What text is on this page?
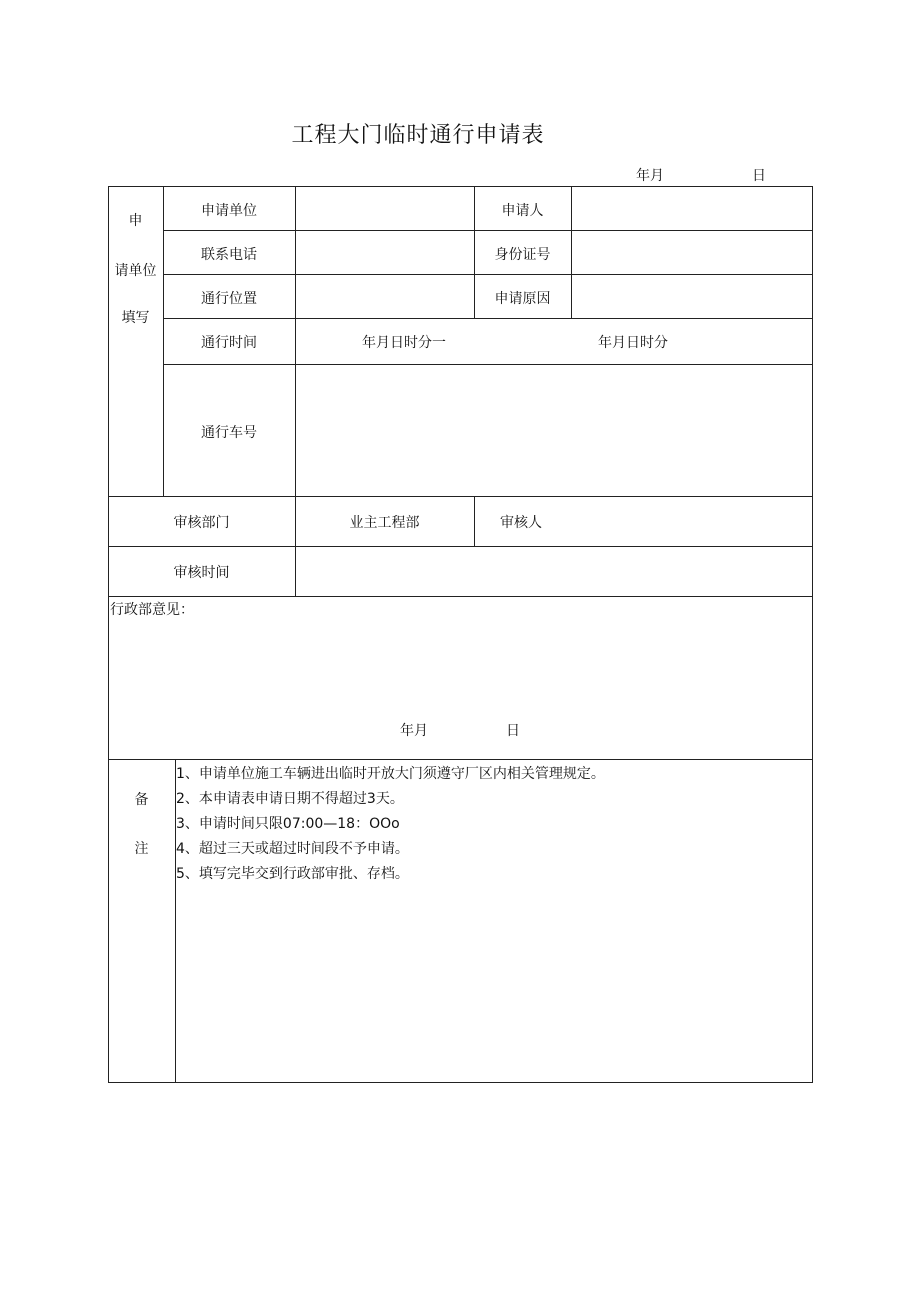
工程大门临时通行申请表
年月	日
申
请单位
填写
申请单位	申请人
联系电话	身份证号
通行位置	申请原因
通行时间	年月日时分一	年月日时分
通行车号
审核部门	业主工程部	审核人
审核时间
行政部意见：
年月	日
备
注
1、申请单位施工车辆进出临时开放大门须遵守厂区内相关管理规定。
2、本申请表申请日期不得超过3天。
3、申请时间只限07:00—18：OOo
4、超过三天或超过时间段不予申请。
5、填写完毕交到行政部审批、存档。
